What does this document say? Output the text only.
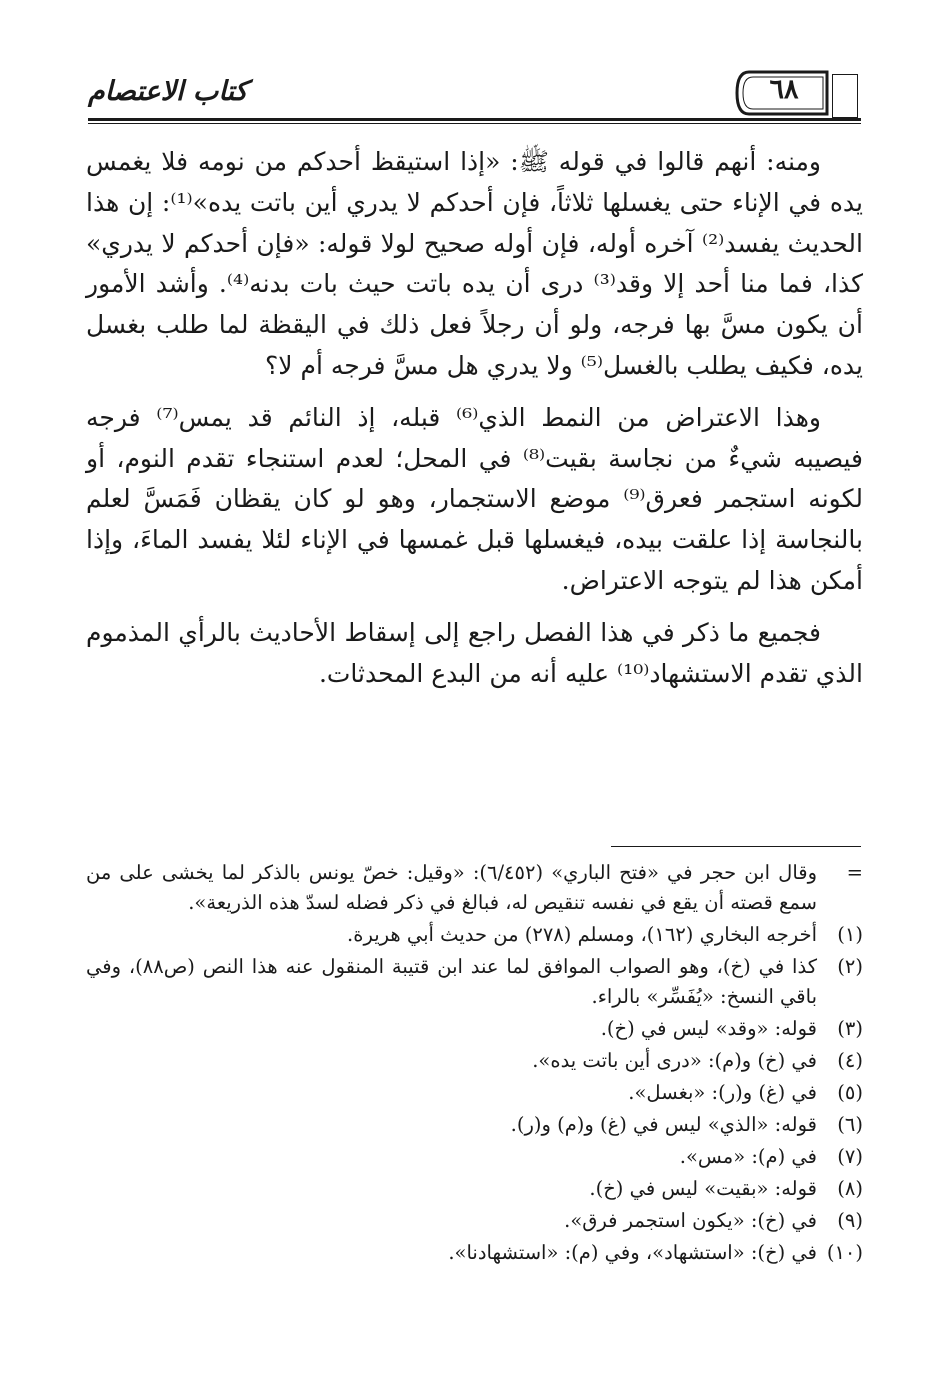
٦٨
كتاب الاعتصام

ومنه: أنهم قالوا في قوله ﷺ: «إذا استيقظ أحدكم من نومه فلا يغمس يده في الإناء حتى يغسلها ثلاثاً، فإن أحدكم لا يدري أين باتت يده»⁽¹⁾: إن هذا الحديث يفسد⁽²⁾ آخره أوله، فإن أوله صحيح لولا قوله: «فإن أحدكم لا يدري» كذا، فما منا أحد إلا وقد⁽³⁾ درى أن يده باتت حيث بات بدنه⁽⁴⁾. وأشد الأمور أن يكون مسَّ بها فرجه، ولو أن رجلاً فعل ذلك في اليقظة لما طلب بغسل يده، فكيف يطلب بالغسل⁽⁵⁾ ولا يدري هل مسَّ فرجه أم لا؟

وهذا الاعتراض من النمط الذي⁽⁶⁾ قبله، إذ النائم قد يمس⁽⁷⁾ فرجه فيصيبه شيءٌ من نجاسة بقيت⁽⁸⁾ في المحل؛ لعدم استنجاء تقدم النوم، أو لكونه استجمر فعرق⁽⁹⁾ موضع الاستجمار، وهو لو كان يقظان فَمَسَّ لعلم بالنجاسة إذا علقت بيده، فيغسلها قبل غمسها في الإناء لئلا يفسد الماءَ، وإذا أمكن هذا لم يتوجه الاعتراض.

فجميع ما ذكر في هذا الفصل راجع إلى إسقاط الأحاديث بالرأي المذموم الذي تقدم الاستشهاد⁽¹⁰⁾ عليه أنه من البدع المحدثات.

=
وقال ابن حجر في «فتح الباري» (٦/٤٥٢): «وقيل: خصّ يونس بالذكر لما يخشى على من سمع قصته أن يقع في نفسه تنقيص له، فبالغ في ذكر فضله لسدّ هذه الذريعة».
(١)
أخرجه البخاري (١٦٢)، ومسلم (٢٧٨) من حديث أبي هريرة.
(٢)
كذا في (خ)، وهو الصواب الموافق لما عند ابن قتيبة المنقول عنه هذا النص (ص٨٨)، وفي باقي النسخ: «يُفَسِّر» بالراء.
(٣)
قوله: «وقد» ليس في (خ).
(٤)
في (خ) و(م): «درى أين باتت يده».
(٥)
في (غ) و(ر): «بغسل».
(٦)
قوله: «الذي» ليس في (غ) و(م) و(ر).
(٧)
في (م): «مس».
(٨)
قوله: «بقيت» ليس في (خ).
(٩)
في (خ): «يكون استجمر فرق».
(١٠)
في (خ): «استشهاد»، وفي (م): «استشهادنا».
